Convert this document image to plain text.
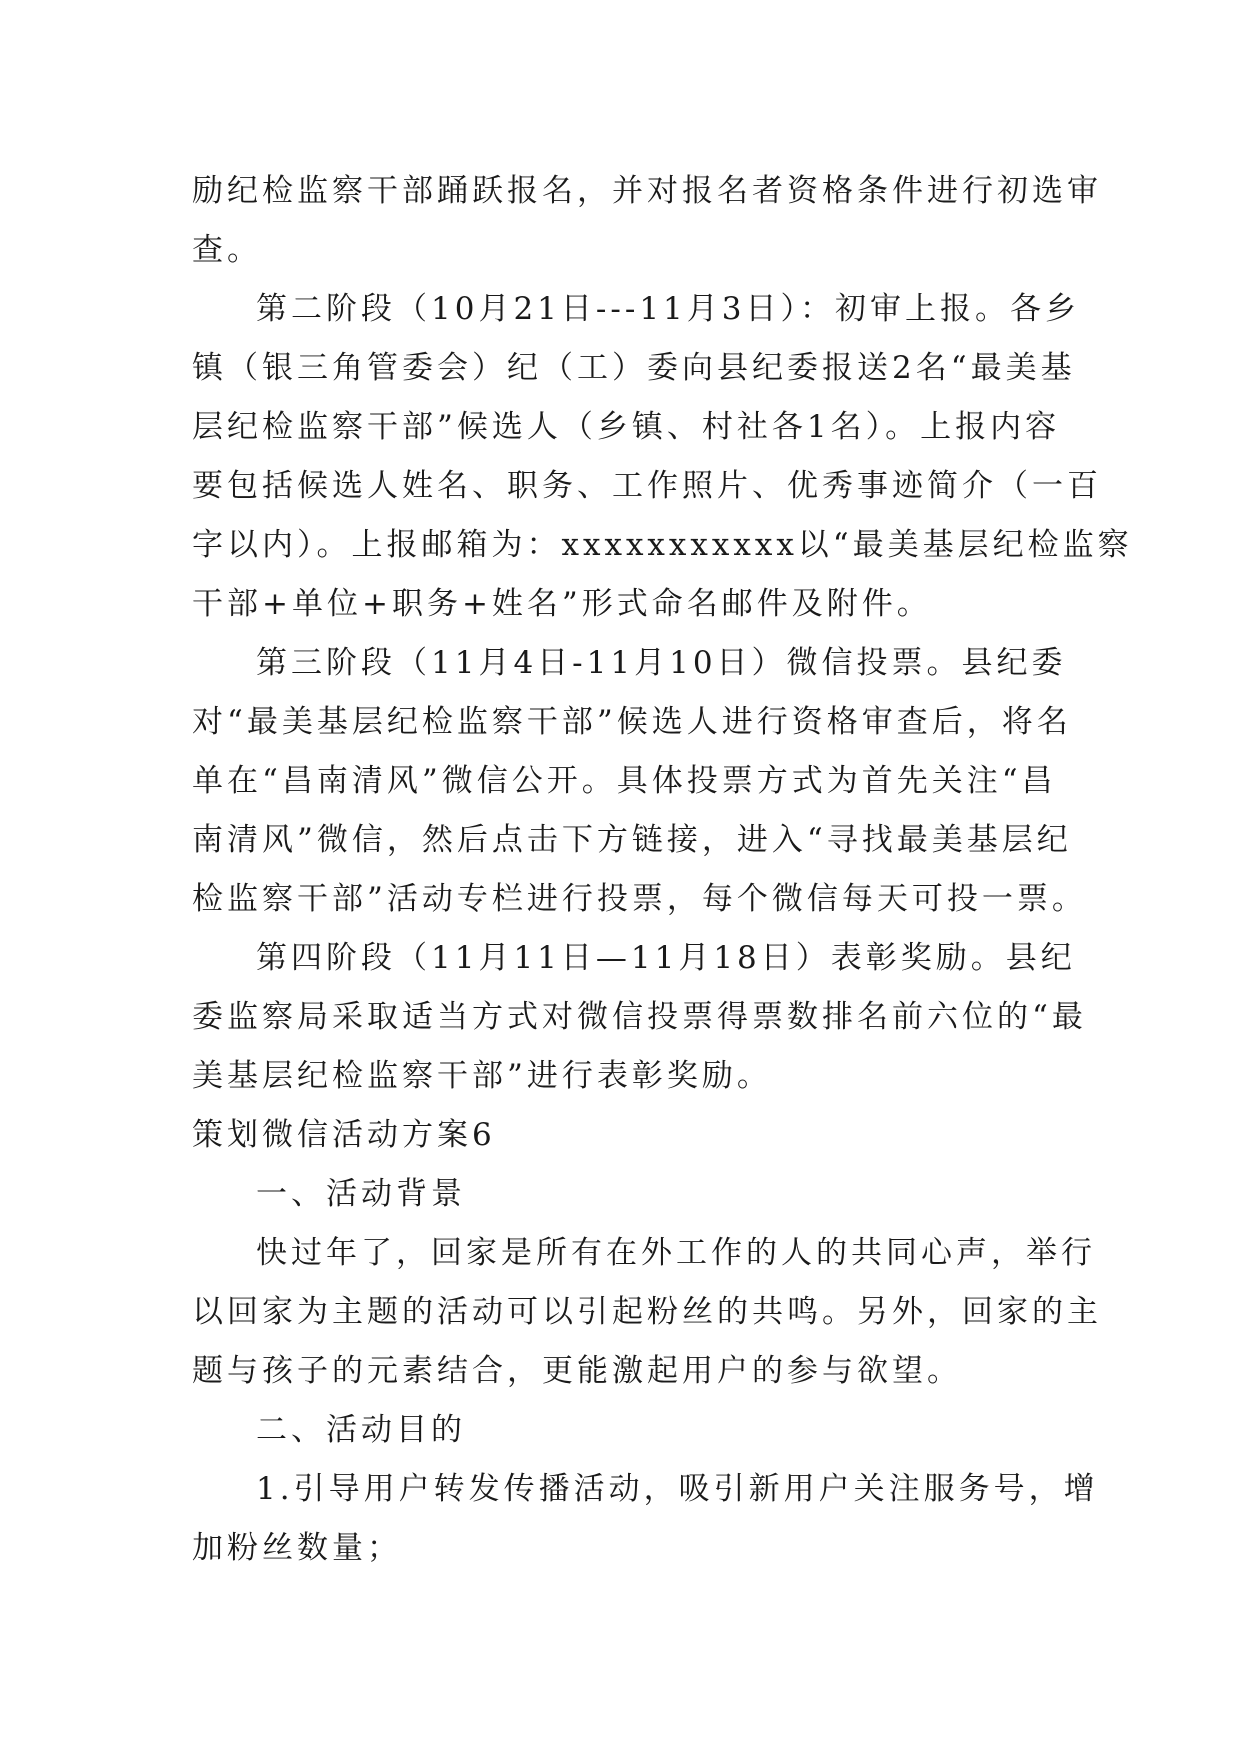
励纪检监察干部踊跃报名，并对报名者资格条件进行初选审
查。
第二阶段（10月21日---11月3日）：初审上报。各乡
镇（银三角管委会）纪（工）委向县纪委报送2名“最美基
层纪检监察干部”候选人（乡镇、村社各1名）。上报内容
要包括候选人姓名、职务、工作照片、优秀事迹简介（一百
字以内）。上报邮箱为：xxxxxxxxxxx以“最美基层纪检监察
干部+单位+职务+姓名”形式命名邮件及附件。
第三阶段（11月4日-11月10日）微信投票。县纪委
对“最美基层纪检监察干部”候选人进行资格审查后，将名
单在“昌南清风”微信公开。具体投票方式为首先关注“昌
南清风”微信，然后点击下方链接，进入“寻找最美基层纪
检监察干部”活动专栏进行投票，每个微信每天可投一票。
第四阶段（11月11日—11月18日）表彰奖励。县纪
委监察局采取适当方式对微信投票得票数排名前六位的“最
美基层纪检监察干部”进行表彰奖励。
策划微信活动方案6
一、活动背景
快过年了，回家是所有在外工作的人的共同心声，举行
以回家为主题的活动可以引起粉丝的共鸣。另外，回家的主
题与孩子的元素结合，更能激起用户的参与欲望。
二、活动目的
1.引导用户转发传播活动，吸引新用户关注服务号，增
加粉丝数量；
